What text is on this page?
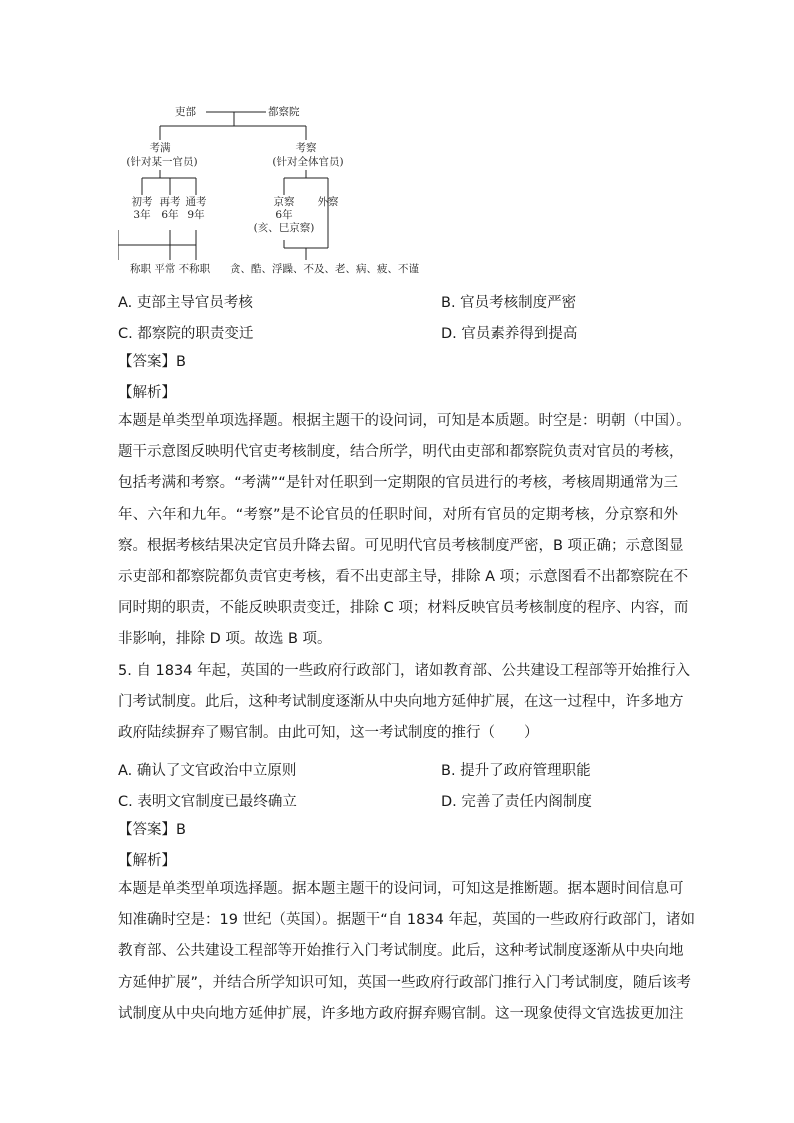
吏部	都察院
考满
(针对某一官员)
考察
(针对全体官员)
初考
3年
再考
6年
通考
9年
京察
6年
(亥、巳京察)
外察
称职 平常 不称职 贪、酷、浮躁、不及、老、病、疲、不谨
A. 吏部主导官员考核	B. 官员考核制度严密
C. 都察院的职责变迁	D. 官员素养得到提高
【答案】B
【解析】
本题是单类型单项选择题。根据主题干的设问词，可知是本质题。时空是：明朝（中国）。
题干示意图反映明代官吏考核制度，结合所学，明代由吏部和都察院负责对官员的考核，
包括考满和考察。“考满”“是针对任职到一定期限的官员进行的考核，考核周期通常为三
年、六年和九年。“考察”是不论官员的任职时间，对所有官员的定期考核，分京察和外
察。根据考核结果决定官员升降去留。可见明代官员考核制度严密，B 项正确；示意图显
示吏部和都察院都负责官吏考核，看不出吏部主导，排除 A 项；示意图看不出都察院在不
同时期的职责，不能反映职责变迁，排除 C 项；材料反映官员考核制度的程序、内容，而
非影响，排除 D 项。故选 B 项。
5. 自 1834 年起，英国的一些政府行政部门，诸如教育部、公共建设工程部等开始推行入
门考试制度。此后，这种考试制度逐渐从中央向地方延伸扩展，在这一过程中，许多地方
政府陆续摒弃了赐官制。由此可知，这一考试制度的推行（　　）
A. 确认了文官政治中立原则	B. 提升了政府管理职能
C. 表明文官制度已最终确立	D. 完善了责任内阁制度
【答案】B
【解析】
本题是单类型单项选择题。据本题主题干的设问词，可知这是推断题。据本题时间信息可
知准确时空是：19 世纪（英国）。据题干“自 1834 年起，英国的一些政府行政部门，诸如
教育部、公共建设工程部等开始推行入门考试制度。此后，这种考试制度逐渐从中央向地
方延伸扩展”，并结合所学知识可知，英国一些政府行政部门推行入门考试制度，随后该考
试制度从中央向地方延伸扩展，许多地方政府摒弃赐官制。这一现象使得文官选拔更加注
